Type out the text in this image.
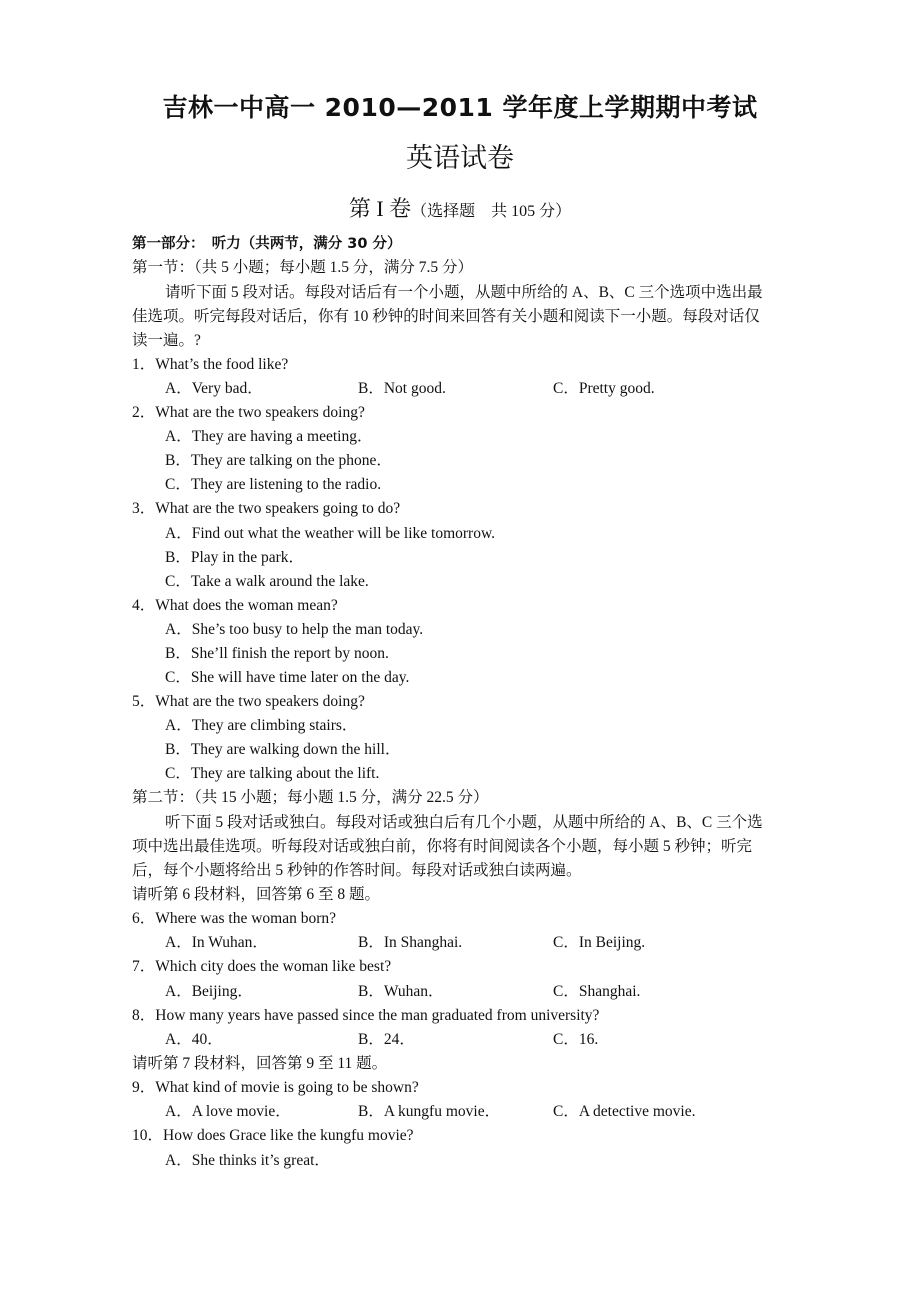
吉林一中高一 2010—2011 学年度上学期期中考试
英语试卷
第 I 卷（选择题　共 105 分）
第一部分：　听力（共两节，满分 30 分）
第一节：（共 5 小题；每小题 1.5 分，满分 7.5 分）
请听下面 5 段对话。每段对话后有一个小题，从题中所给的 A、B、C 三个选项中选出最
佳选项。听完每段对话后，你有 10 秒钟的时间来回答有关小题和阅读下一小题。每段对话仅
读一遍。?
1．What’s the food like?
A．Very bad．	B．Not good.	C．Pretty good.
2．What are the two speakers doing?
A．They are having a meeting．
B．They are talking on the phone．
C．They are listening to the radio.
3．What are the two speakers going to do?
A．Find out what the weather will be like tomorrow.
B．Play in the park．
C．Take a walk around the lake.
4．What does the woman mean?
A．She’s too busy to help the man today.
B．She’ll finish the report by noon.
C．She will have time later on the day.
5．What are the two speakers doing?
A．They are climbing stairs．
B．They are walking down the hill．
C．They are talking about the lift.
第二节：（共 15 小题；每小题 1.5 分，满分 22.5 分）
听下面 5 段对话或独白。每段对话或独白后有几个小题，从题中所给的 A、B、C 三个选
项中选出最佳选项。听每段对话或独白前，你将有时间阅读各个小题，每小题 5 秒钟；听完
后，每个小题将给出 5 秒钟的作答时间。每段对话或独白读两遍。
请听第 6 段材料，回答第 6 至 8 题。
6．Where was the woman born?
A．In Wuhan．	B．In Shanghai.	C．In Beijing.
7．Which city does the woman like best?
A．Beijing．	B．Wuhan．	C．Shanghai.
8．How many years have passed since the man graduated from university?
A．40．	B．24．	C．16.
请听第 7 段材料，回答第 9 至 11 题。
9．What kind of movie is going to be shown?
A．A love movie．	B．A kungfu movie．	C．A detective movie.
10．How does Grace like the kungfu movie?
A．She thinks it’s great．
